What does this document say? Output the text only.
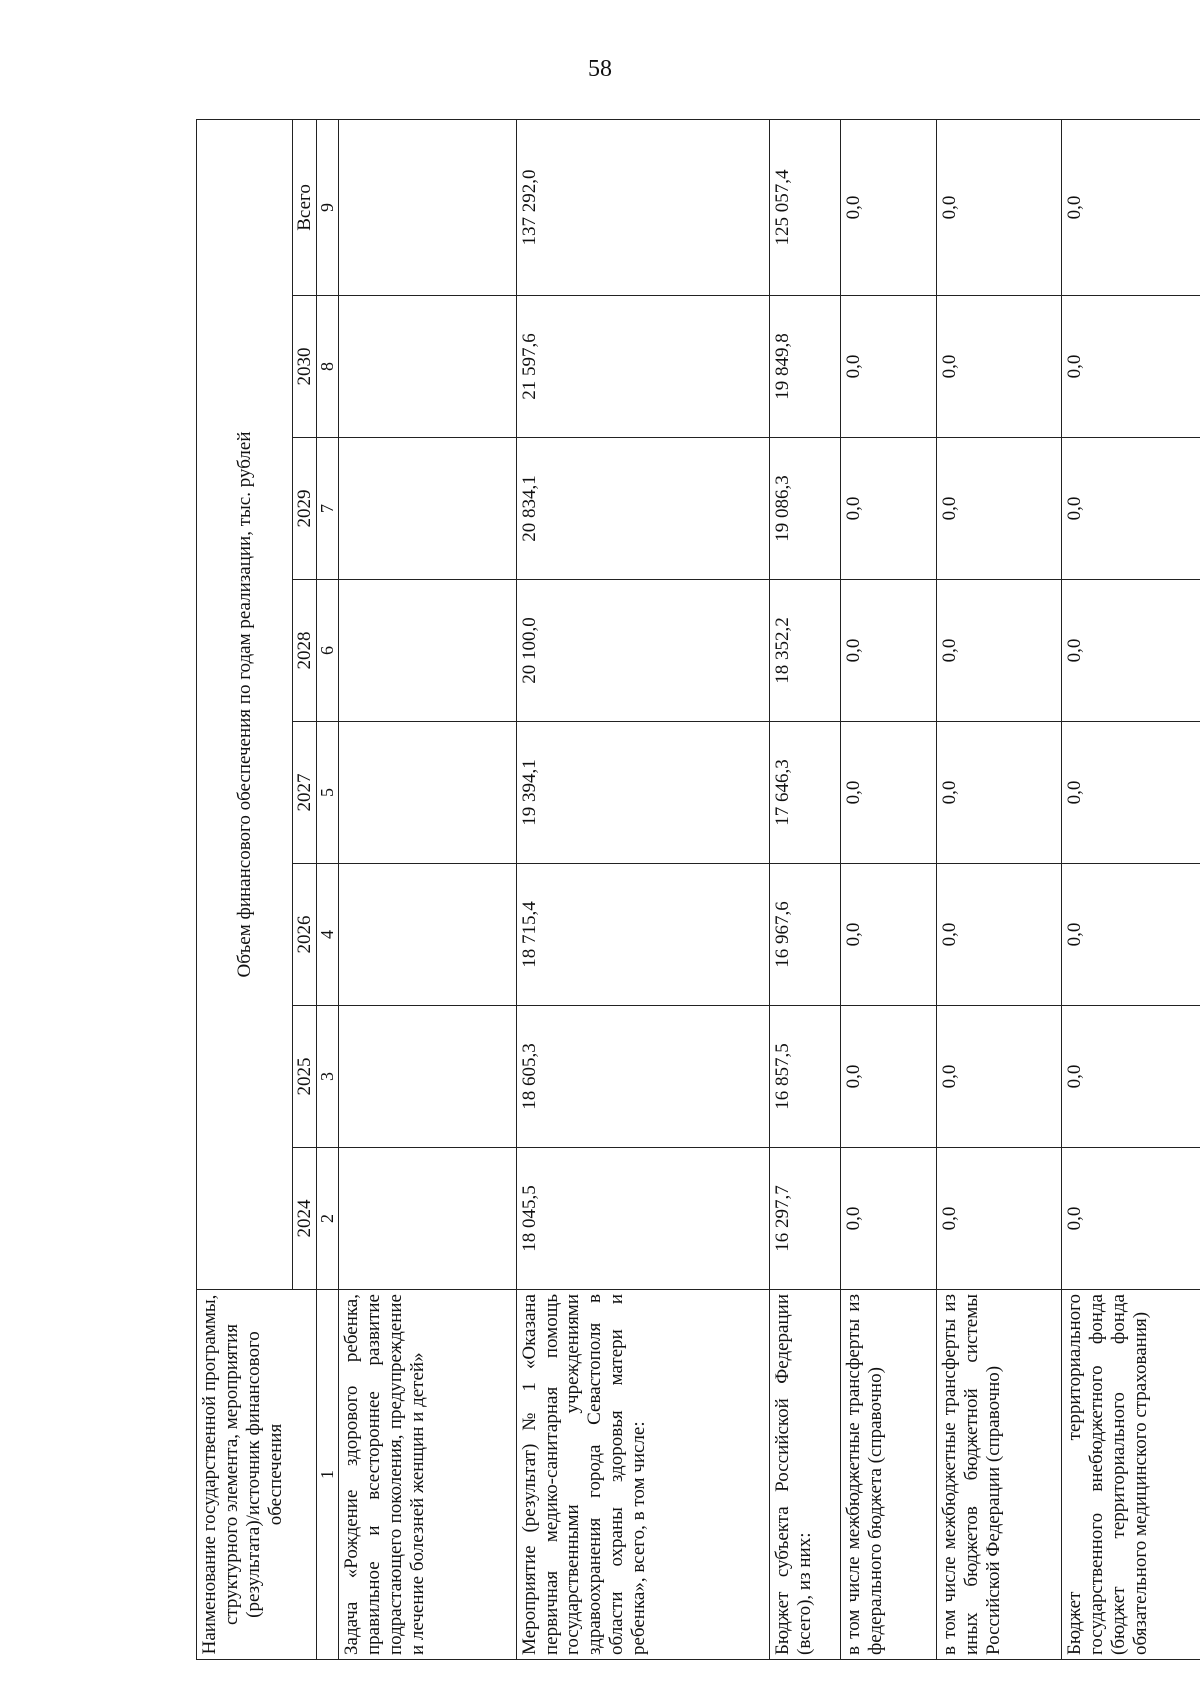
58
Наименование государственной программы, структурного элемента, мероприятия (результата)/источник финансового обеспечения	Объем финансового обеспечения по годам реализации, тыс. рублей							
	2024	2025	2026	2027	2028	2029	2030	Всего
1	2	3	4	5	6	7	8	9
Задача «Рождение здорового ребенка, правильное и всестороннее развитие подрастающего поколения, предупреждение и лечение болезней женщин и детей»								
Мероприятие (результат) № 1 «Оказана первичная медико-санитарная помощь государственными учреждениями здравоохранения города Севастополя в области охраны здоровья матери и ребенка», всего, в том числе:	18 045,5	18 605,3	18 715,4	19 394,1	20 100,0	20 834,1	21 597,6	137 292,0
Бюджет субъекта Российской Федерации (всего), из них:	16 297,7	16 857,5	16 967,6	17 646,3	18 352,2	19 086,3	19 849,8	125 057,4
в том числе межбюджетные трансферты из федерального бюджета (справочно)	0,0	0,0	0,0	0,0	0,0	0,0	0,0	0,0
в том числе межбюджетные трансферты из иных бюджетов бюджетной системы Российской Федерации (справочно)	0,0	0,0	0,0	0,0	0,0	0,0	0,0	0,0
Бюджет территориального государственного внебюджетного фонда (бюджет территориального фонда обязательного медицинского страхования)	0,0	0,0	0,0	0,0	0,0	0,0	0,0	0,0
